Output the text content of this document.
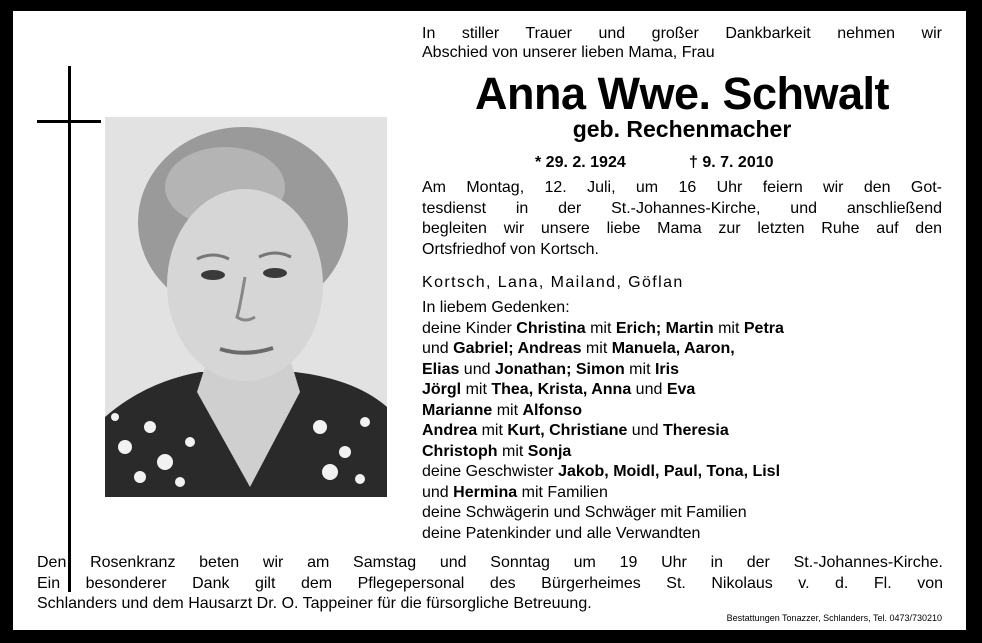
In stiller Trauer und großer Dankbarkeit nehmen wir
Abschied von unserer lieben Mama, Frau
Anna Wwe. Schwalt
geb. Rechenmacher
* 29. 2. 1924	† 9. 7. 2010
Am Montag, 12. Juli, um 16 Uhr feiern wir den Got-
tesdienst in der St.-Johannes-Kirche, und anschließend
begleiten wir unsere liebe Mama zur letzten Ruhe auf den
Ortsfriedhof von Kortsch.
Kortsch, Lana, Mailand, Göflan
In liebem Gedenken:
deine Kinder Christina mit Erich; Martin mit Petra
und Gabriel; Andreas mit Manuela, Aaron,
Elias und Jonathan; Simon mit Iris
Jörgl mit Thea, Krista, Anna und Eva
Marianne mit Alfonso
Andrea mit Kurt, Christiane und Theresia
Christoph mit Sonja
deine Geschwister Jakob, Moidl, Paul, Tona, Lisl
und Hermina mit Familien
deine Schwägerin und Schwäger mit Familien
deine Patenkinder und alle Verwandten
Den Rosenkranz beten wir am Samstag und Sonntag um 19 Uhr in der St.-Johannes-Kirche.
Ein besonderer Dank gilt dem Pflegepersonal des Bürgerheimes St. Nikolaus v. d. Fl. von
Schlanders und dem Hausarzt Dr. O. Tappeiner für die fürsorgliche Betreuung.
Bestattungen Tonazzer, Schlanders, Tel. 0473/730210
